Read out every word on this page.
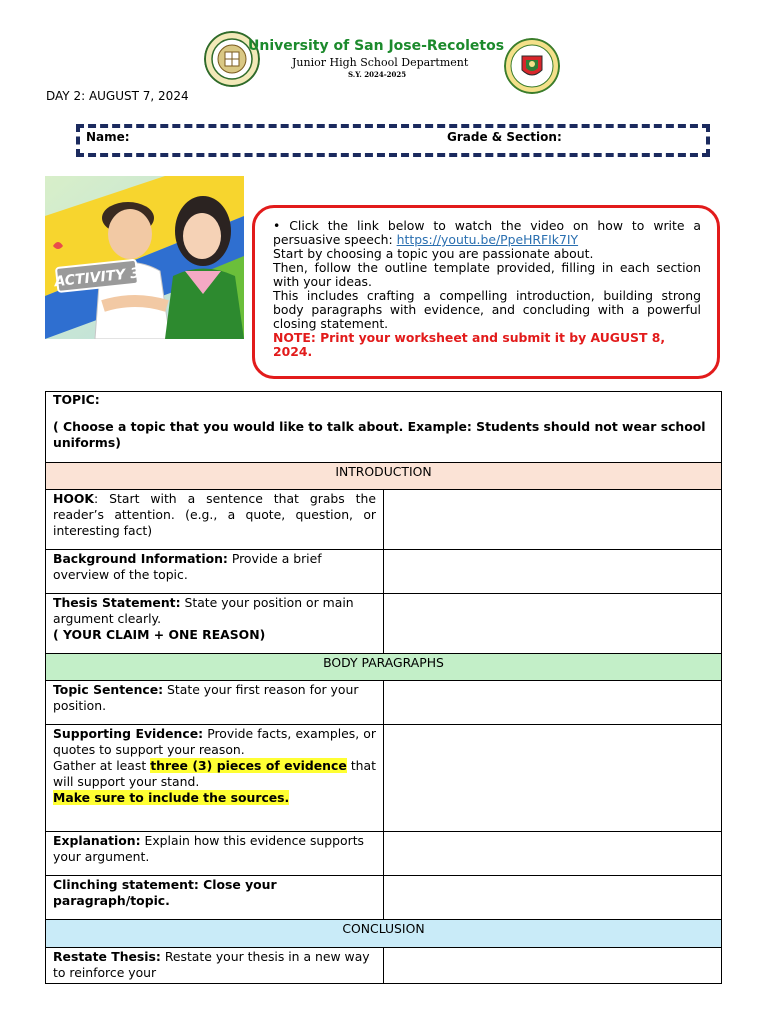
University of San Jose-Recoletos
Junior High School Department
S.Y. 2024-2025
DAY 2: AUGUST 7, 2024
Name:	Grade & Section:
ACTIVITY 3

• Click the link below to watch the video on how to write a persuasive speech: https://youtu.be/PpeHRFIk7IY

Start by choosing a topic you are passionate about.

Then, follow the outline template provided, filling in each section with your ideas.

This includes crafting a compelling introduction, building strong body paragraphs with evidence, and concluding with a powerful closing statement.

NOTE: Print your worksheet and submit it by AUGUST 8, 2024.

TOPIC:
( Choose a topic that you would like to talk about. Example: Students should not wear school uniforms)	

INTRODUCTION	
HOOK: Start with a sentence that grabs the reader’s attention. (e.g., a quote, question, or interesting fact)	
Background Information: Provide a brief overview of the topic.	
Thesis Statement: State your position or main argument clearly.
( YOUR CLAIM + ONE REASON)	
BODY PARAGRAPHS	
Topic Sentence: State your first reason for your position.	
Supporting Evidence: Provide facts, examples, or quotes to support your reason.
Gather at least three (3) pieces of evidence that will support your stand.
Make sure to include the sources.	
Explanation: Explain how this evidence supports your argument.	
Clinching statement: Close your paragraph/topic.	
CONCLUSION	
Restate Thesis: Restate your thesis in a new way to reinforce your	
